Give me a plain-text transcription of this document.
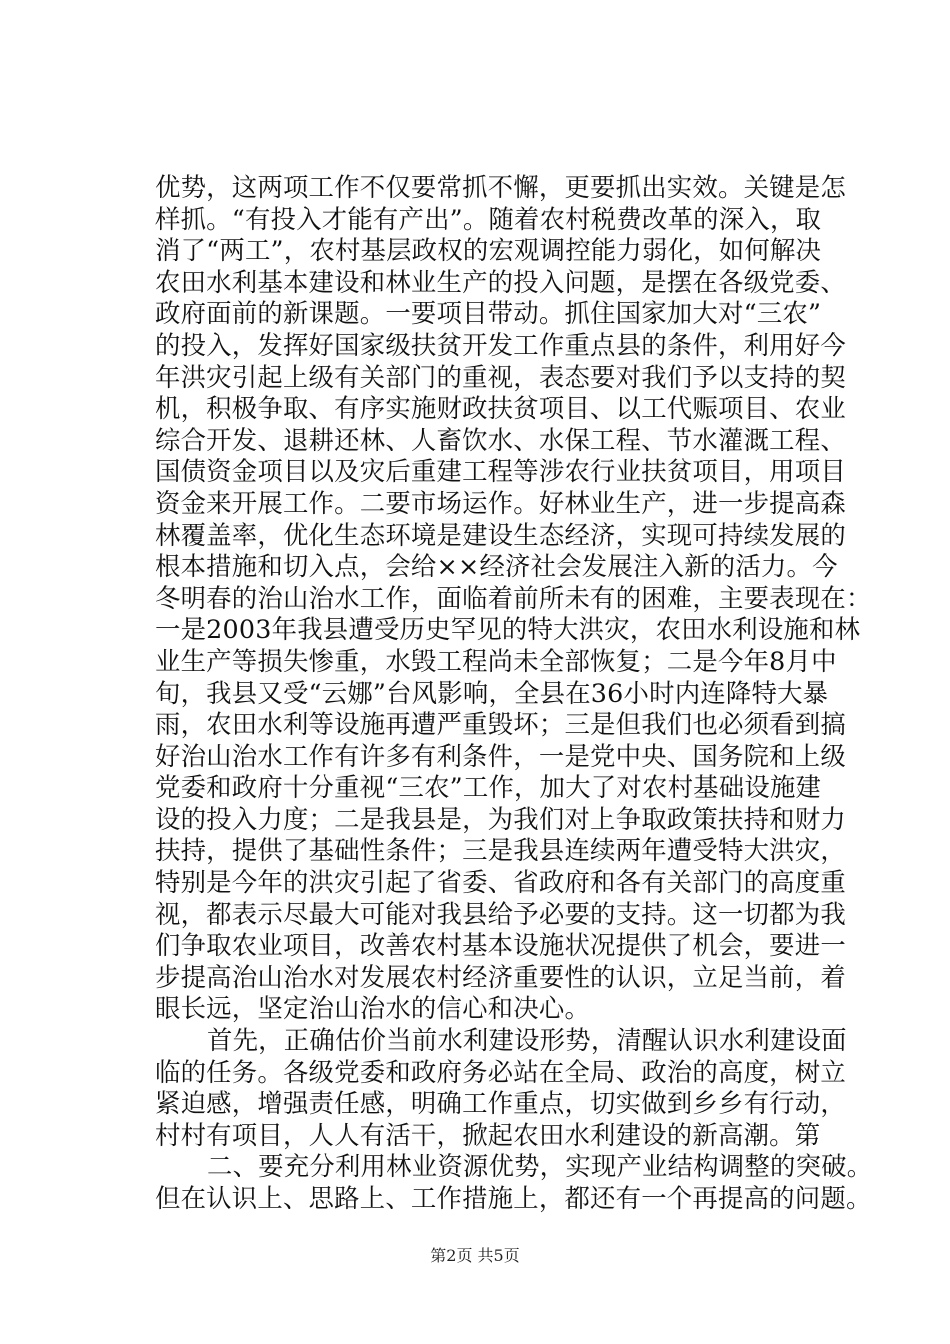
优势，这两项工作不仅要常抓不懈，更要抓出实效。关键是怎
样抓。“有投入才能有产出”。随着农村税费改革的深入，取
消了“两工”，农村基层政权的宏观调控能力弱化，如何解决
农田水利基本建设和林业生产的投入问题，是摆在各级党委、
政府面前的新课题。一要项目带动。抓住国家加大对“三农”
的投入，发挥好国家级扶贫开发工作重点县的条件，利用好今
年洪灾引起上级有关部门的重视，表态要对我们予以支持的契
机，积极争取、有序实施财政扶贫项目、以工代赈项目、农业
综合开发、退耕还林、人畜饮水、水保工程、节水灌溉工程、
国债资金项目以及灾后重建工程等涉农行业扶贫项目，用项目
资金来开展工作。二要市场运作。好林业生产，进一步提高森
林覆盖率，优化生态环境是建设生态经济，实现可持续发展的
根本措施和切入点，会给××经济社会发展注入新的活力。今
冬明春的治山治水工作，面临着前所未有的困难，主要表现在：
一是2003年我县遭受历史罕见的特大洪灾，农田水利设施和林
业生产等损失惨重，水毁工程尚未全部恢复；二是今年8月中
旬，我县又受“云娜”台风影响，全县在36小时内连降特大暴
雨，农田水利等设施再遭严重毁坏；三是但我们也必须看到搞
好治山治水工作有许多有利条件，一是党中央、国务院和上级
党委和政府十分重视“三农”工作，加大了对农村基础设施建
设的投入力度；二是我县是，为我们对上争取政策扶持和财力
扶持，提供了基础性条件；三是我县连续两年遭受特大洪灾，
特别是今年的洪灾引起了省委、省政府和各有关部门的高度重
视，都表示尽最大可能对我县给予必要的支持。这一切都为我
们争取农业项目，改善农村基本设施状况提供了机会，要进一
步提高治山治水对发展农村经济重要性的认识，立足当前，着
眼长远，坚定治山治水的信心和决心。
首先，正确估价当前水利建设形势，清醒认识水利建设面
临的任务。各级党委和政府务必站在全局、政治的高度，树立
紧迫感，增强责任感，明确工作重点，切实做到乡乡有行动，
村村有项目，人人有活干，掀起农田水利建设的新高潮。第
二、要充分利用林业资源优势，实现产业结构调整的突破。
但在认识上、思路上、工作措施上，都还有一个再提高的问题。
第2页 共5页
